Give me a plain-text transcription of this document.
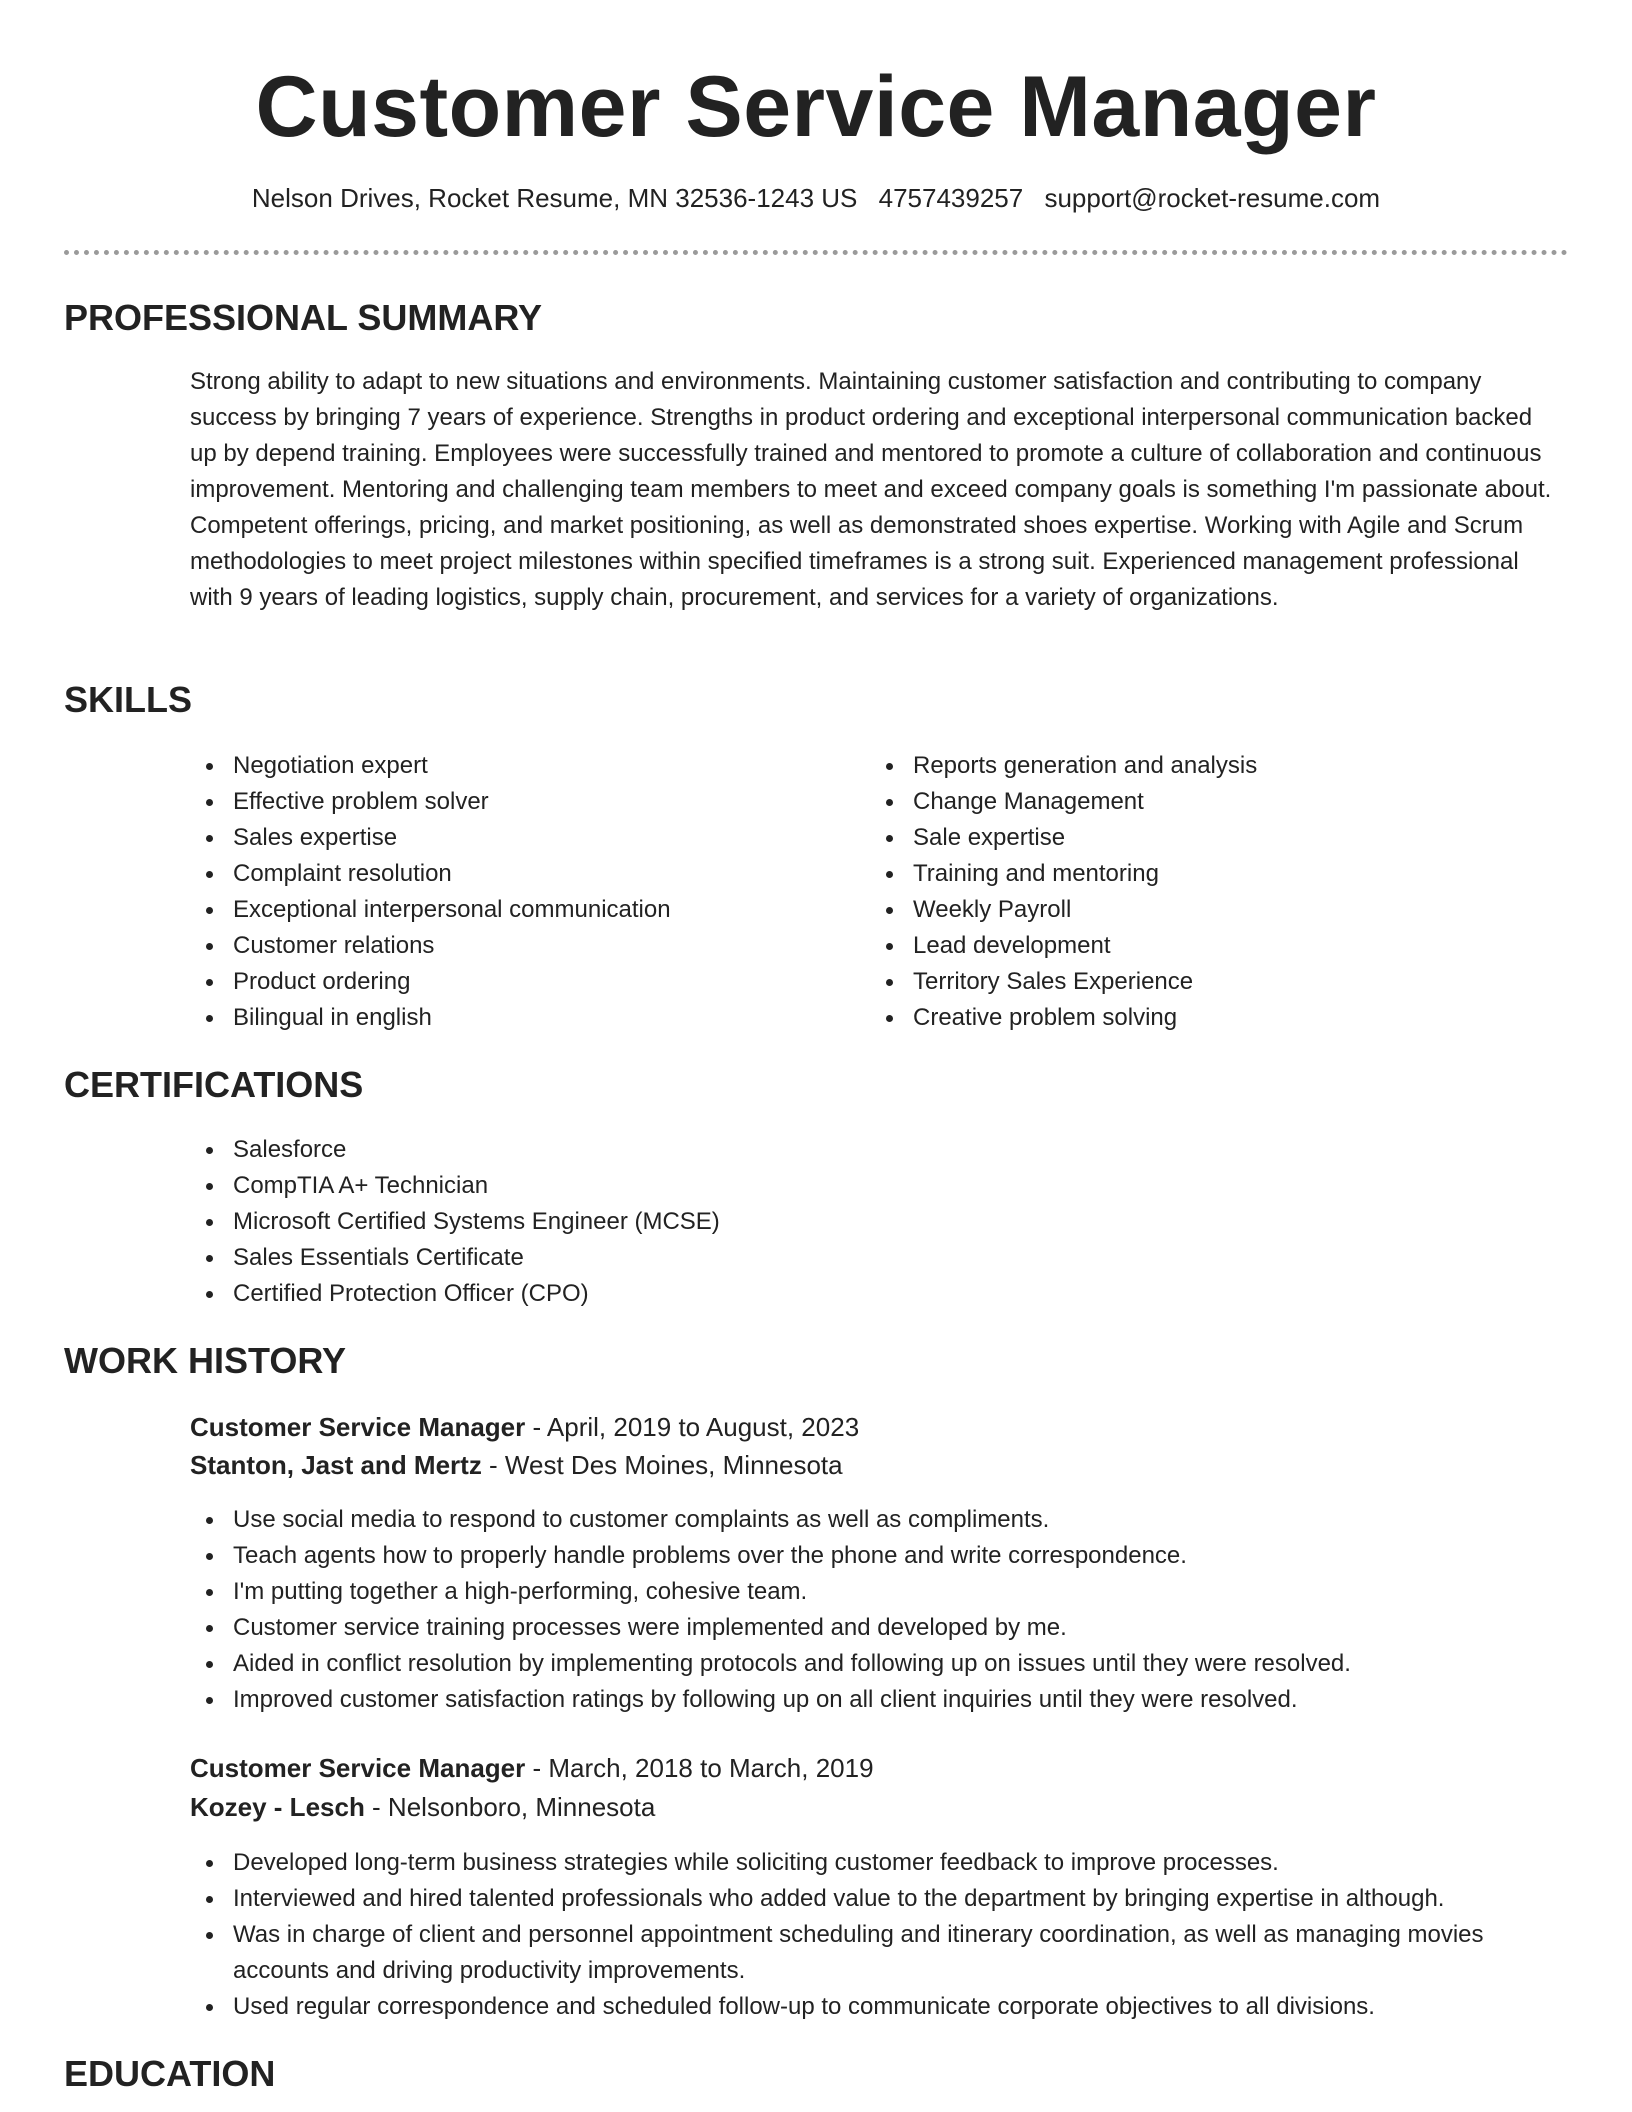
Customer Service Manager
Nelson Drives, Rocket Resume, MN 32536-1243 US 4757439257 support@rocket-resume.com
PROFESSIONAL SUMMARY
Strong ability to adapt to new situations and environments. Maintaining customer satisfaction and contributing to company success by bringing 7 years of experience. Strengths in product ordering and exceptional interpersonal communication backed up by depend training. Employees were successfully trained and mentored to promote a culture of collaboration and continuous improvement. Mentoring and challenging team members to meet and exceed company goals is something I'm passionate about. Competent offerings, pricing, and market positioning, as well as demonstrated shoes expertise. Working with Agile and Scrum methodologies to meet project milestones within specified timeframes is a strong suit. Experienced management professional with 9 years of leading logistics, supply chain, procurement, and services for a variety of organizations.
SKILLS
Negotiation expert
Effective problem solver
Sales expertise
Complaint resolution
Exceptional interpersonal communication
Customer relations
Product ordering
Bilingual in english
Reports generation and analysis
Change Management
Sale expertise
Training and mentoring
Weekly Payroll
Lead development
Territory Sales Experience
Creative problem solving
CERTIFICATIONS
Salesforce
CompTIA A+ Technician
Microsoft Certified Systems Engineer (MCSE)
Sales Essentials Certificate
Certified Protection Officer (CPO)
WORK HISTORY
Customer Service Manager - April, 2019 to August, 2023
Stanton, Jast and Mertz - West Des Moines, Minnesota
Use social media to respond to customer complaints as well as compliments.
Teach agents how to properly handle problems over the phone and write correspondence.
I'm putting together a high-performing, cohesive team.
Customer service training processes were implemented and developed by me.
Aided in conflict resolution by implementing protocols and following up on issues until they were resolved.
Improved customer satisfaction ratings by following up on all client inquiries until they were resolved.
Customer Service Manager - March, 2018 to March, 2019
Kozey - Lesch - Nelsonboro, Minnesota
Developed long-term business strategies while soliciting customer feedback to improve processes.
Interviewed and hired talented professionals who added value to the department by bringing expertise in although.
Was in charge of client and personnel appointment scheduling and itinerary coordination, as well as managing movies accounts and driving productivity improvements.
Used regular correspondence and scheduled follow-up to communicate corporate objectives to all divisions.
EDUCATION
